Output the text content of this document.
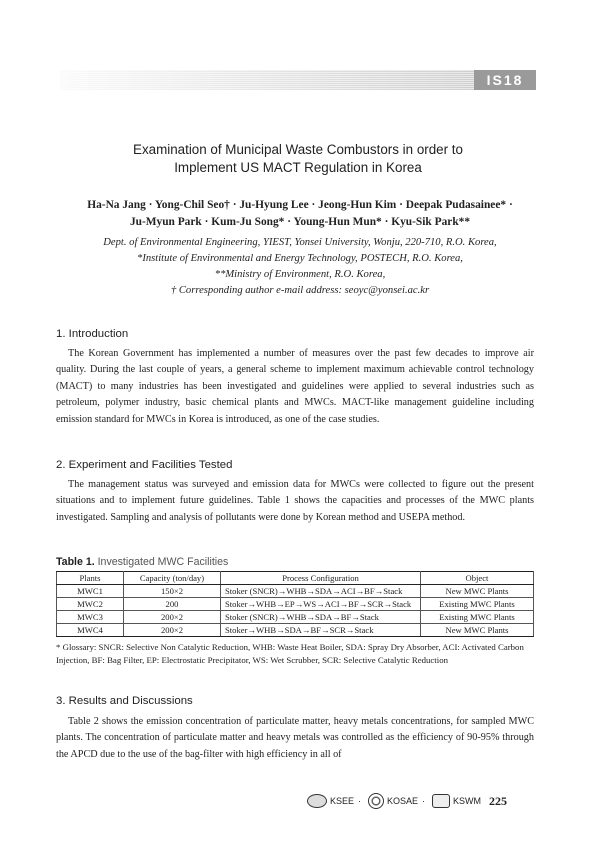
IS18
Examination of Municipal Waste Combustors in order to
Implement US MACT Regulation in Korea
Ha-Na Jang · Yong-Chil Seo† · Ju-Hyung Lee · Jeong-Hun Kim · Deepak Pudasainee* ·
Ju-Myun Park · Kum-Ju Song* · Young-Hun Mun* · Kyu-Sik Park**
Dept. of Environmental Engineering, YIEST, Yonsei University, Wonju, 220-710, R.O. Korea,
*Institute of Environmental and Energy Technology, POSTECH, R.O. Korea,
**Ministry of Environment, R.O. Korea,
† Corresponding author e-mail address: seoyc@yonsei.ac.kr
1. Introduction
The Korean Government has implemented a number of measures over the past few decades to improve air quality. During the last couple of years, a general scheme to implement maximum achievable control technology (MACT) to many industries has been investigated and guidelines were applied to several industries such as petroleum, polymer industry, basic chemical plants and MWCs. MACT-like management guideline including emission standard for MWCs in Korea is introduced, as one of the case studies.
2. Experiment and Facilities Tested
The management status was surveyed and emission data for MWCs were collected to figure out the present situations and to implement future guidelines. Table 1 shows the capacities and processes of the MWC plants investigated. Sampling and analysis of pollutants were done by Korean method and USEPA method.
Table 1. Investigated MWC Facilities
Plants	Capacity (ton/day)	Process Configuration	Object
MWC1	150×2	Stoker (SNCR)→WHB→SDA→ACI→BF→Stack	New MWC Plants
MWC2	200	Stoker→WHB→EP→WS→ACI→BF→SCR→Stack	Existing MWC Plants
MWC3	200×2	Stoker (SNCR)→WHB→SDA→BF→Stack	Existing MWC Plants
MWC4	200×2	Stoker→WHB→SDA→BF→SCR→Stack	New MWC Plants
* Glossary: SNCR: Selective Non Catalytic Reduction, WHB: Waste Heat Boiler, SDA: Spray Dry Absorber, ACI: Activated Carbon Injection, BF: Bag Filter, EP: Electrostatic Precipitator, WS: Wet Scrubber, SCR: Selective Catalytic Reduction
3. Results and Discussions
Table 2 shows the emission concentration of particulate matter, heavy metals concentrations, for sampled MWC plants. The concentration of particulate matter and heavy metals was controlled as the efficiency of 90-95% through the APCD due to the use of the bag-filter with high efficiency in all of
KSEE ·	KOSAE ·	KSWM 225
